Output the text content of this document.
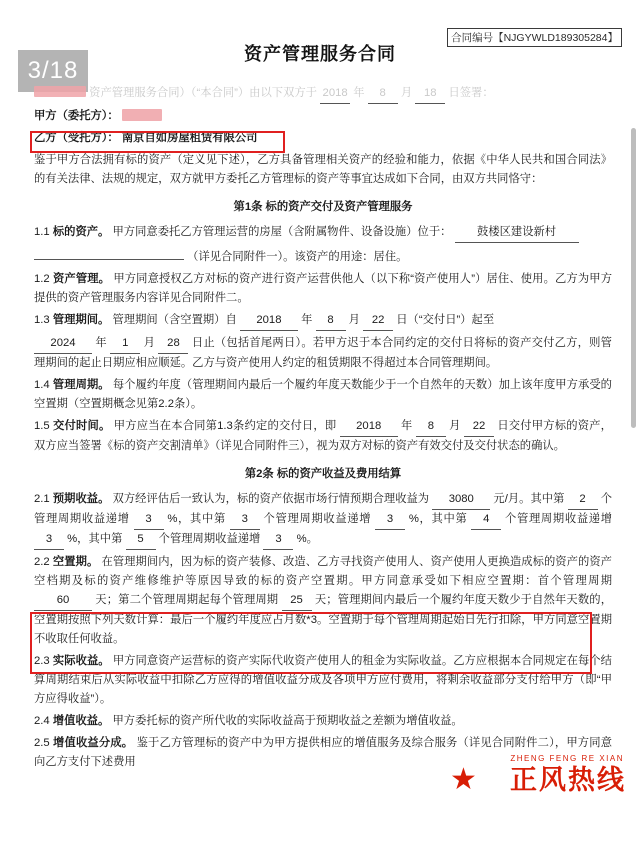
合同编号【NJGYWLD189305284】
资产管理服务合同
3/18

资产管理服务合同）（“本合同”）由以下双方于 2018 年 8 月 18 日签署：

甲方（委托方）：

乙方（受托方）： 南京自如房屋租赁有限公司

鉴于甲方合法拥有标的资产（定义见下述），乙方具备管理相关资产的经验和能力，依据《中华人民共和国合同法》的有关法律、法规的规定，双方就甲方委托乙方管理标的资产等事宜达成如下合同，由双方共同恪守：

第1条 标的资产交付及资产管理服务

1.1 标的资产。 甲方同意委托乙方管理运营的房屋（含附属物件、设备设施）位于： 鼓楼区建设新村

（详见合同附件一）。该资产的用途：居住。

1.2 资产管理。 甲方同意授权乙方对标的资产进行资产运营供他人（以下称“资产使用人”）居住、使用。乙方为甲方提供的资产管理服务内容详见合同附件二。

1.3 管理期间。 管理期间（含空置期）自 2018 年 8 月 22 日（“交付日”）起至

2024 年 1 月 28 日止（包括首尾两日）。若甲方迟于本合同约定的交付日将标的资产交付乙方，则管理期间的起止日期应相应顺延。乙方与资产使用人约定的租赁期限不得超过本合同管理期间。

1.4 管理周期。 每个履约年度（管理期间内最后一个履约年度天数能少于一个自然年的天数）加上该年度甲方承受的空置期（空置期概念见第2.2条）。

1.5 交付时间。 甲方应当在本合同第1.3条约定的交付日，即 2018 年 8 月 22 日交付甲方标的资产，双方应当签署《标的资产交割清单》（详见合同附件三），视为双方对标的资产有效交付及交付状态的确认。

第2条 标的资产收益及费用结算

2.1 预期收益。 双方经评估后一致认为，标的资产依据市场行情预期合理收益为 3080 元/月。其中第 2 个管理周期收益递增 3 %，其中第 3 个管理周期收益递增 3 %，其中第 4 个管理周期收益递增 3 %，其中第 5 个管理周期收益递增 3 %。

2.2 空置期。 在管理期间内，因为标的资产装修、改造、乙方寻找资产使用人、资产使用人更换造成标的资产的资产空档期及标的资产维修维护等原因导致的标的资产空置期。甲方同意承受如下相应空置期：首个管理周期 60 天；第二个管理周期起每个管理周期 25 天；管理期间内最后一个履约年度天数少于自然年天数的，空置期按照下列天数计算：最后一个履约年度应占月数*3。空置期于每个管理周期起始日先行扣除，甲方同意空置期不收取任何收益。

2.3 实际收益。 甲方同意资产运营标的资产实际代收资产使用人的租金为实际收益。乙方应根据本合同规定在每个结算周期结束后从实际收益中扣除乙方应得的增值收益分成及各项甲方应付费用，将剩余收益部分支付给甲方（即“甲方应得收益”）。

2.4 增值收益。 甲方委托标的资产所代收的实际收益高于预期收益之差额为增值收益。

2.5 增值收益分成。 鉴于乙方管理标的资产中为甲方提供相应的增值服务及综合服务（详见合同附件二），甲方同意向乙方支付下述费用

★ 正风热线
ZHENG FENG RE XIAN
